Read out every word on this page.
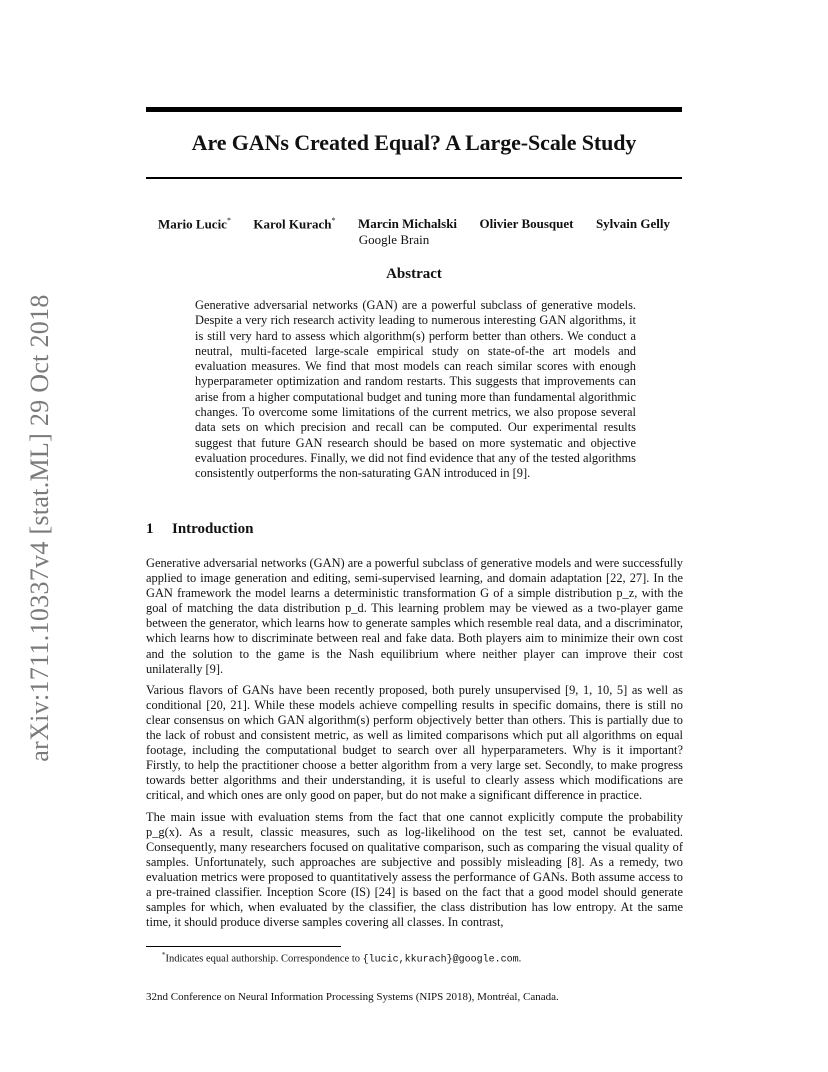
arXiv:1711.10337v4 [stat.ML] 29 Oct 2018
Are GANs Created Equal? A Large-Scale Study
Mario Lucic* Karol Kurach* Marcin Michalski Olivier Bousquet Sylvain Gelly
Google Brain
Abstract
Generative adversarial networks (GAN) are a powerful subclass of generative models. Despite a very rich research activity leading to numerous interesting GAN algorithms, it is still very hard to assess which algorithm(s) perform better than others. We conduct a neutral, multi-faceted large-scale empirical study on state-of-the art models and evaluation measures. We find that most models can reach similar scores with enough hyperparameter optimization and random restarts. This suggests that improvements can arise from a higher computational budget and tuning more than fundamental algorithmic changes. To overcome some limitations of the current metrics, we also propose several data sets on which precision and recall can be computed. Our experimental results suggest that future GAN research should be based on more systematic and objective evaluation procedures. Finally, we did not find evidence that any of the tested algorithms consistently outperforms the non-saturating GAN introduced in [9].
1 Introduction

Generative adversarial networks (GAN) are a powerful subclass of generative models and were successfully applied to image generation and editing, semi-supervised learning, and domain adaptation [22, 27]. In the GAN framework the model learns a deterministic transformation G of a simple distribution p_z, with the goal of matching the data distribution p_d. This learning problem may be viewed as a two-player game between the generator, which learns how to generate samples which resemble real data, and a discriminator, which learns how to discriminate between real and fake data. Both players aim to minimize their own cost and the solution to the game is the Nash equilibrium where neither player can improve their cost unilaterally [9].

Various flavors of GANs have been recently proposed, both purely unsupervised [9, 1, 10, 5] as well as conditional [20, 21]. While these models achieve compelling results in specific domains, there is still no clear consensus on which GAN algorithm(s) perform objectively better than others. This is partially due to the lack of robust and consistent metric, as well as limited comparisons which put all algorithms on equal footage, including the computational budget to search over all hyperparameters. Why is it important? Firstly, to help the practitioner choose a better algorithm from a very large set. Secondly, to make progress towards better algorithms and their understanding, it is useful to clearly assess which modifications are critical, and which ones are only good on paper, but do not make a significant difference in practice.

The main issue with evaluation stems from the fact that one cannot explicitly compute the probability p_g(x). As a result, classic measures, such as log-likelihood on the test set, cannot be evaluated. Consequently, many researchers focused on qualitative comparison, such as comparing the visual quality of samples. Unfortunately, such approaches are subjective and possibly misleading [8]. As a remedy, two evaluation metrics were proposed to quantitatively assess the performance of GANs. Both assume access to a pre-trained classifier. Inception Score (IS) [24] is based on the fact that a good model should generate samples for which, when evaluated by the classifier, the class distribution has low entropy. At the same time, it should produce diverse samples covering all classes. In contrast,

*Indicates equal authorship. Correspondence to {lucic,kkurach}@google.com.
32nd Conference on Neural Information Processing Systems (NIPS 2018), Montréal, Canada.
